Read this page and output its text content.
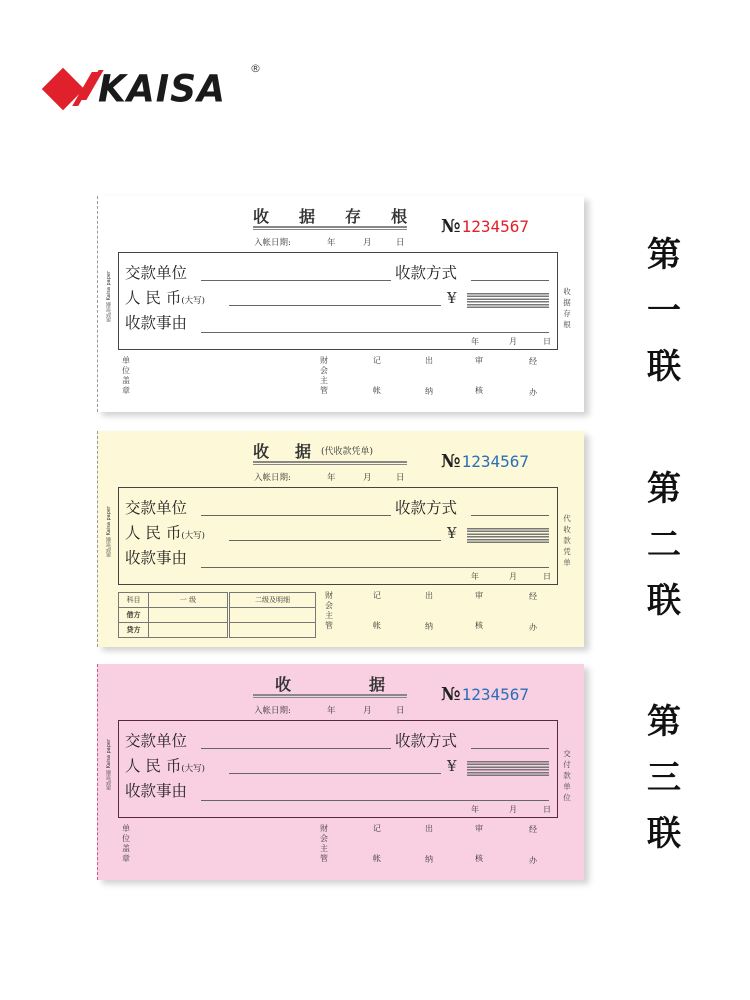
KAISA ®
第
一
联
第
二
联
第
三
联
收 据 存 根
入帐日期:	年	月	日
№1234567
凯萨票据 Kaisa paper 交款单位	收款方式
人 民 币(大写)	¥
收款事由
年	月	日
收据存根
单位盖章
财会主管
记
帐
出
纳
审
核
经
办
收 据 (代收款凭单)
入帐日期:	年	月	日
№1234567
凯萨票据 Kaisa paper 交款单位	收款方式
人 民 币(大写)	¥
收款事由
年	月	日
代收款凭单
科目	一 级	二级及明细
借方		
贷方		
财会主管
记
帐
出
纳
审
核
经
办
收	据
入帐日期:	年	月	日
№1234567
凯萨票据 Kaisa paper 交款单位	收款方式
人 民 币(大写)	¥
收款事由
年	月	日
交付款单位
单位盖章
财会主管
记
帐
出
纳
审
核
经
办
